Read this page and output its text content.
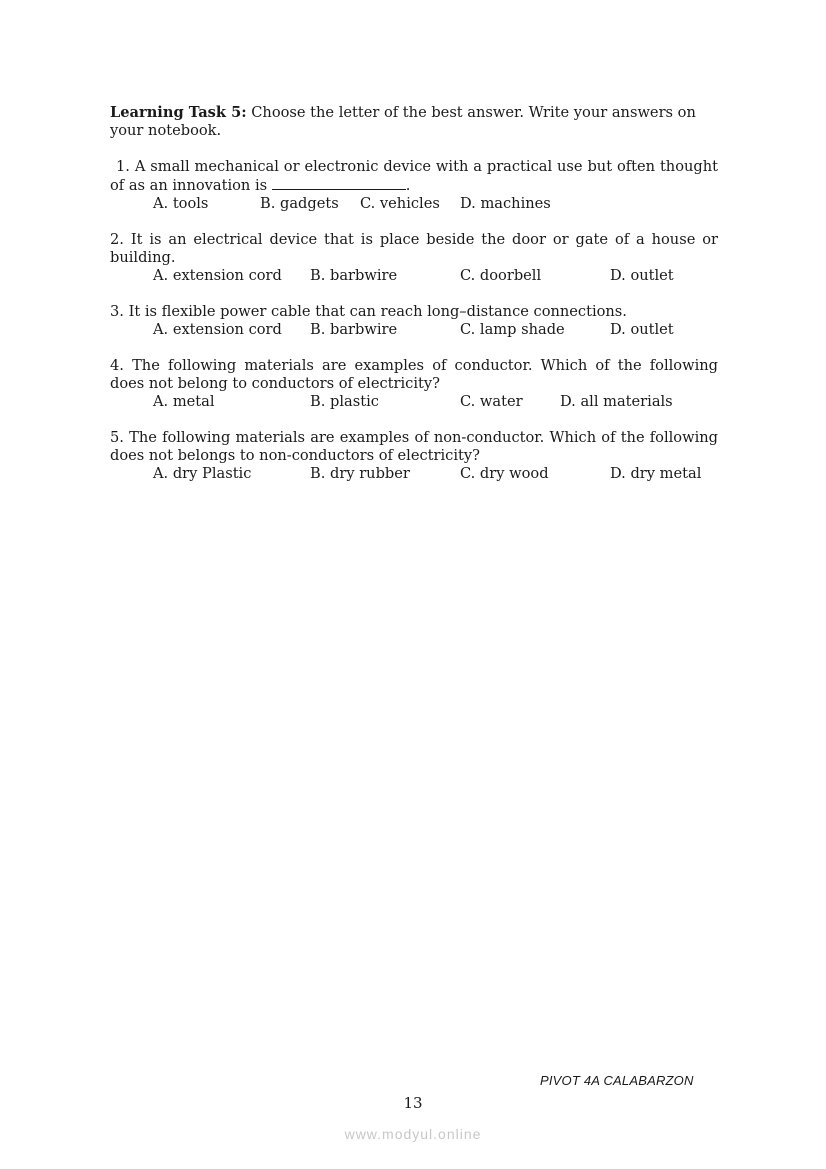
Learning Task 5: Choose the letter of the best answer. Write your answers on your notebook.

1. A small mechanical or electronic device with a practical use but often thought of as an innovation is	.
A. tools	B. gadgets C. vehicles D. machines
2. It is an electrical device that is place beside the door or gate of a house or building.
A. extension cord B. barbwire	C. doorbell	D. outlet
3. It is flexible power cable that can reach long–distance connections.
A. extension cord B. barbwire	C. lamp shade	D. outlet
4. The following materials are examples of conductor. Which of the following does not belong to conductors of electricity?
A. metal	B. plastic	C. water	D. all materials
5. The following materials are examples of non-conductor. Which of the following does not belongs to non-conductors of electricity?
A. dry Plastic	B. dry rubber	C. dry wood	D. dry metal
PIVOT 4A CALABARZON
13
www.modyul.online
